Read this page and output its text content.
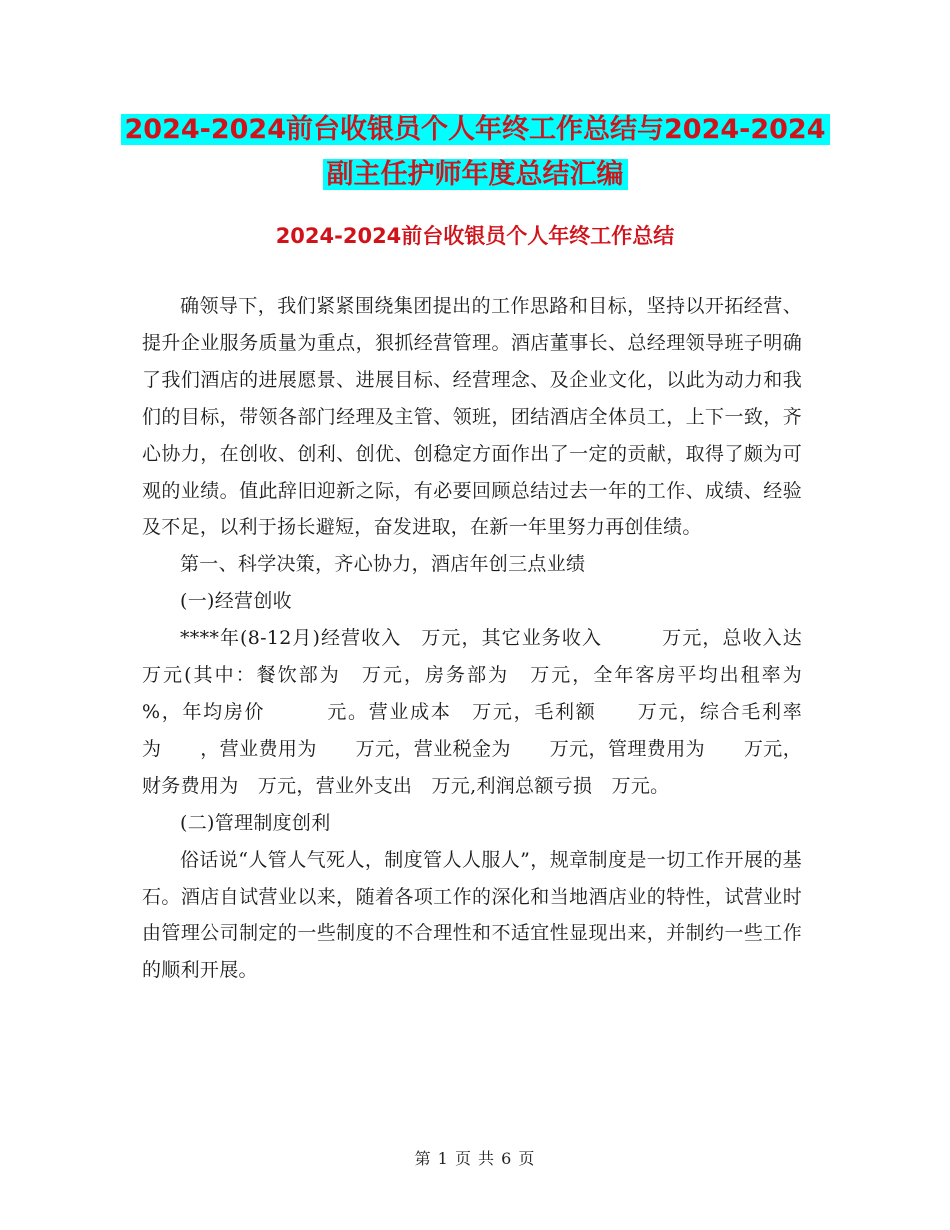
2024-2024前台收银员个人年终工作总结与2024-2024
副主任护师年度总结汇编
2024-2024前台收银员个人年终工作总结

确领导下，我们紧紧围绕集团提出的工作思路和目标，坚持以开拓经营、提升企业服务质量为重点，狠抓经营管理。酒店董事长、总经理领导班子明确了我们酒店的进展愿景、进展目标、经营理念、及企业文化，以此为动力和我们的目标，带领各部门经理及主管、领班，团结酒店全体员工，上下一致，齐心协力，在创收、创利、创优、创稳定方面作出了一定的贡献，取得了颇为可观的业绩。值此辞旧迎新之际，有必要回顾总结过去一年的工作、成绩、经验及不足，以利于扬长避短，奋发进取，在新一年里努力再创佳绩。

第一、科学决策，齐心协力，酒店年创三点业绩

(一)经营创收

****年(8-12月)经营收入　万元，其它业务收入　　　万元，总收入达　万元(其中：餐饮部为　万元，房务部为　万元，全年客房平均出租率为　　%，年均房价　　　元。营业成本　万元，毛利额　　万元，综合毛利率为　　，营业费用为　　万元，营业税金为　　万元，管理费用为　　万元，财务费用为　万元，营业外支出　万元,利润总额亏损　万元。

(二)管理制度创利

俗话说“人管人气死人，制度管人人服人”，规章制度是一切工作开展的基石。酒店自试营业以来，随着各项工作的深化和当地酒店业的特性，试营业时由管理公司制定的一些制度的不合理性和不适宜性显现出来，并制约一些工作的顺利开展。

第 1 页 共 6 页
